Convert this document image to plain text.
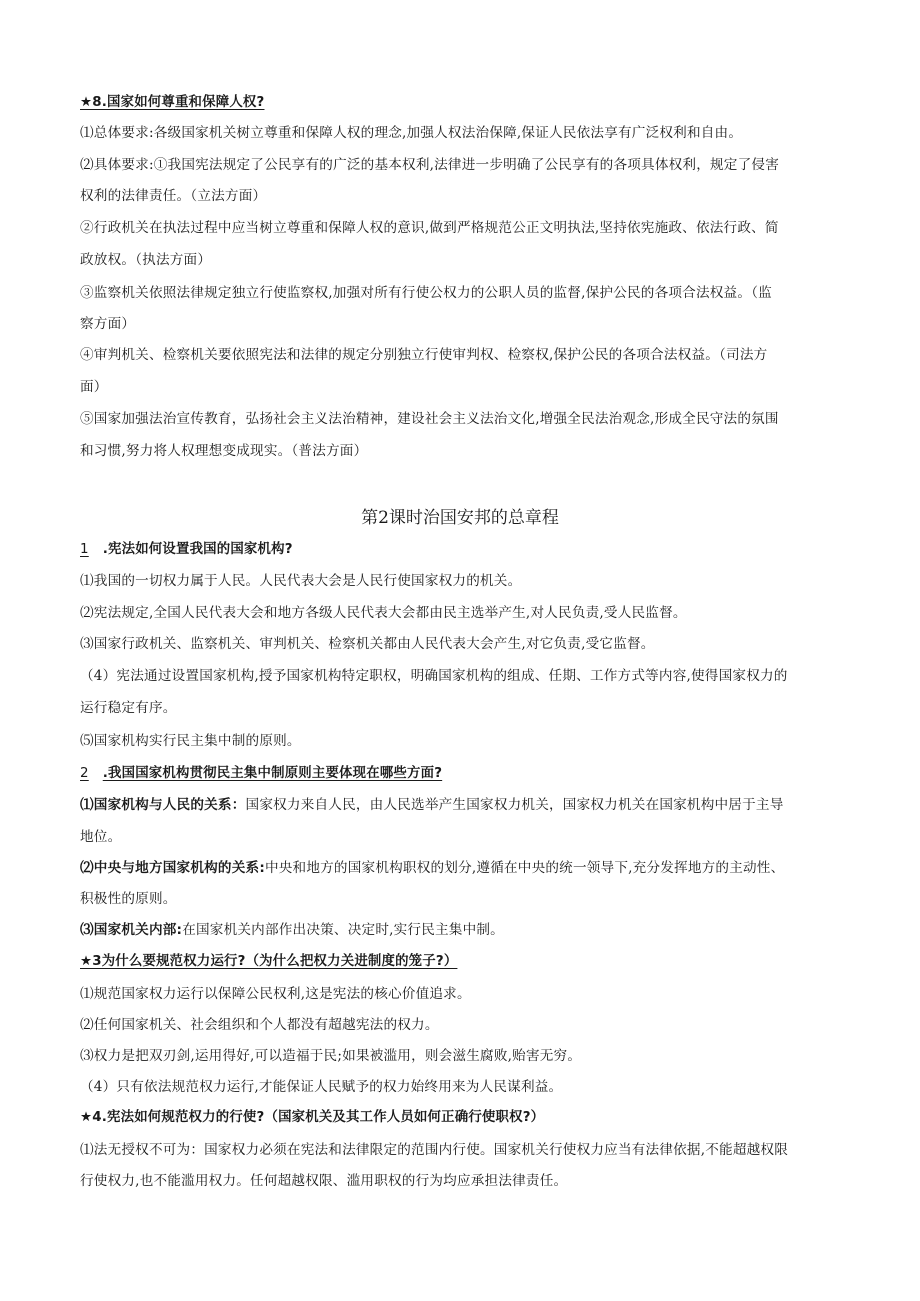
★8.国家如何尊重和保障人权?
⑴总体要求:各级国家机关树立尊重和保障人权的理念,加强人权法治保障,保证人民依法享有广泛权利和自由。
⑵具体要求:①我国宪法规定了公民享有的广泛的基本权利,法律进一步明确了公民享有的各项具体权利，规定了侵害
权利的法律责任。（立法方面）
②行政机关在执法过程中应当树立尊重和保障人权的意识,做到严格规范公正文明执法,坚持依宪施政、依法行政、简
政放权。（执法方面）
③监察机关依照法律规定独立行使监察权,加强对所有行使公权力的公职人员的监督,保护公民的各项合法权益。（监
察方面）
④审判机关、检察机关要依照宪法和法律的规定分别独立行使审判权、检察权,保护公民的各项合法权益。（司法方
面）
⑤国家加强法治宣传教育，弘扬社会主义法治精神，建设社会主义法治文化,增强全民法治观念,形成全民守法的氛围
和习惯,努力将人权理想变成现实。（普法方面）
第2课时治国安邦的总章程
1 .宪法如何设置我国的国家机构?
⑴我国的一切权力属于人民。人民代表大会是人民行使国家权力的机关。
⑵宪法规定,全国人民代表大会和地方各级人民代表大会都由民主选举产生,对人民负责,受人民监督。
⑶国家行政机关、监察机关、审判机关、检察机关都由人民代表大会产生,对它负责,受它监督。
（4）宪法通过设置国家机构,授予国家机构特定职权，明确国家机构的组成、任期、工作方式等内容,使得国家权力的
运行稳定有序。
⑸国家机构实行民主集中制的原则。
2 .我国国家机构贯彻民主集中制原则主要体现在哪些方面?
⑴国家机构与人民的关系：国家权力来自人民，由人民选举产生国家权力机关，国家权力机关在国家机构中居于主导
地位。
⑵中央与地方国家机构的关系:中央和地方的国家机构职权的划分,遵循在中央的统一领导下,充分发挥地方的主动性、
积极性的原则。
⑶国家机关内部:在国家机关内部作出决策、决定时,实行民主集中制。
★3为什么要规范权力运行?（为什么把权力关进制度的笼子?）
⑴规范国家权力运行以保障公民权利,这是宪法的核心价值追求。
⑵任何国家机关、社会组织和个人都没有超越宪法的权力。
⑶权力是把双刃剑,运用得好,可以造福于民;如果被滥用，则会滋生腐败,贻害无穷。
（4）只有依法规范权力运行,才能保证人民赋予的权力始终用来为人民谋利益。
★4.宪法如何规范权力的行使?（国家机关及其工作人员如何正确行使职权?）
⑴法无授权不可为：国家权力必须在宪法和法律限定的范围内行使。国家机关行使权力应当有法律依据,不能超越权限
行使权力,也不能滥用权力。任何超越权限、滥用职权的行为均应承担法律责任。
